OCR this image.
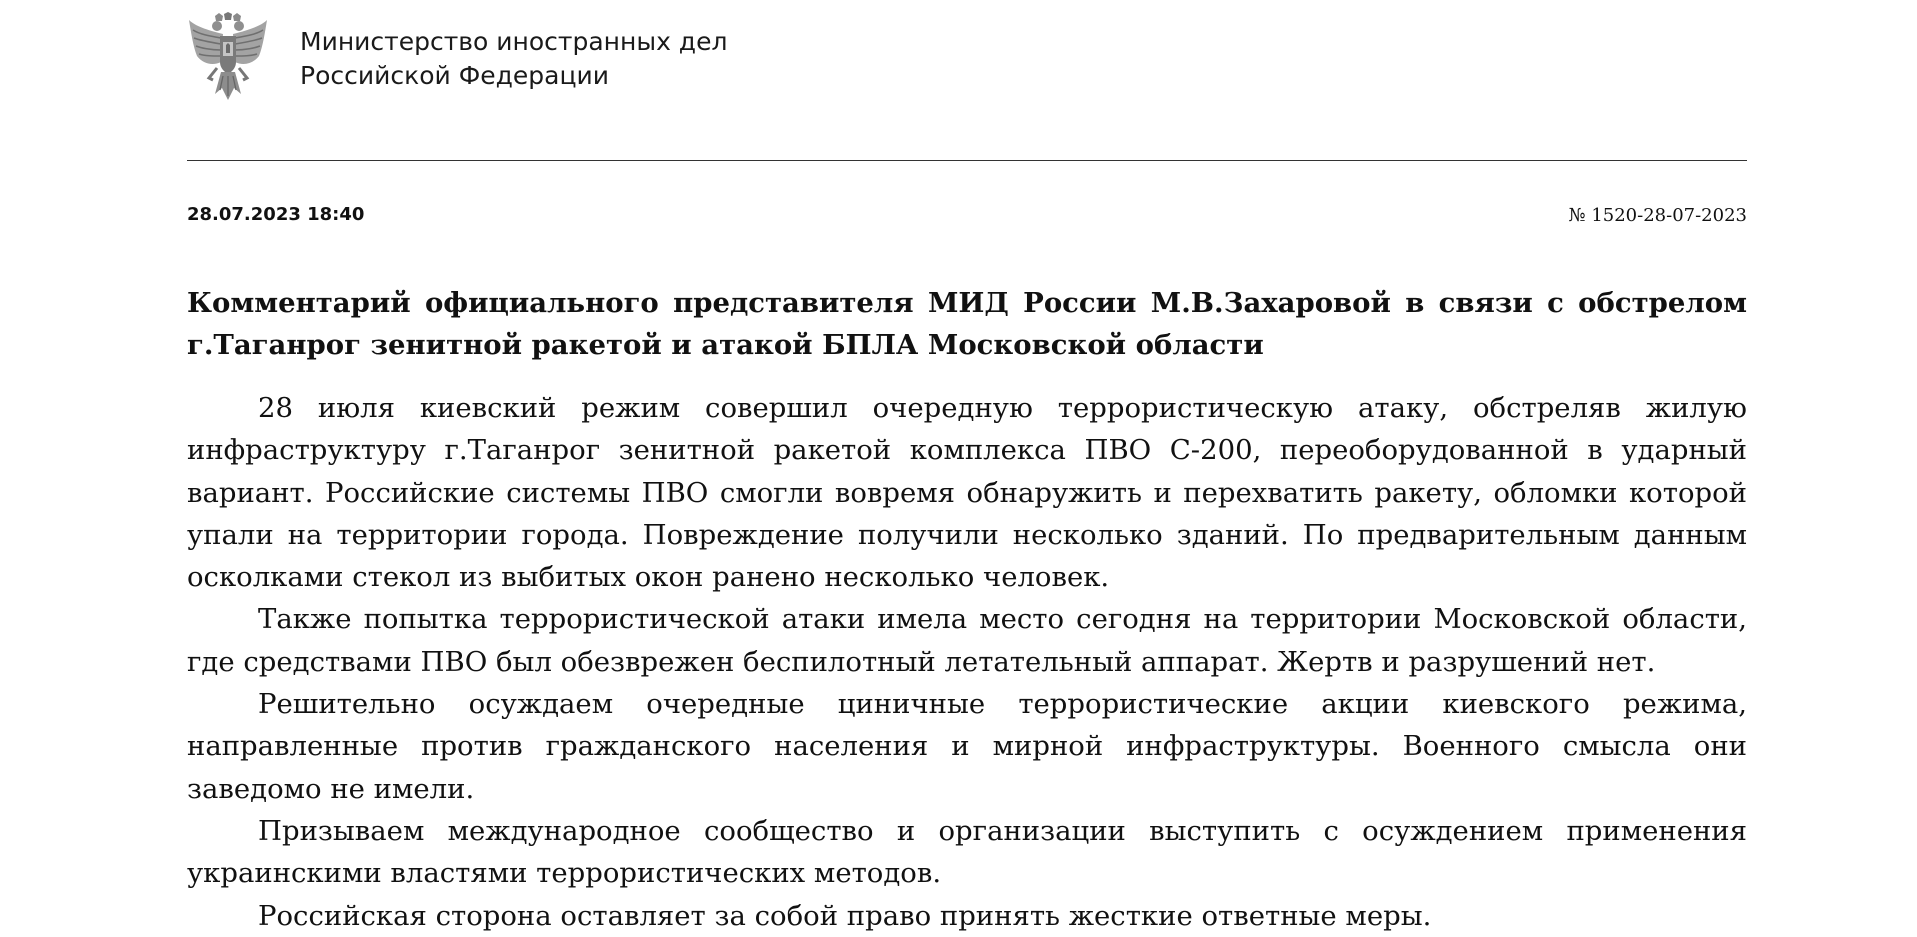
Министерство иностранных дел
Российской Федерации
28.07.2023 18:40	№ 1520-28-07-2023
Комментарий официального представителя МИД России М.В.Захаровой в связи с обстрелом г.Таганрог зенитной ракетой и атакой БПЛА Московской области

28 июля киевский режим совершил очередную террористическую атаку, обстреляв жилую инфраструктуру г.Таганрог зенитной ракетой комплекса ПВО С-200, переоборудованной в ударный вариант. Российские системы ПВО смогли вовремя обнаружить и перехватить ракету, обломки которой упали на территории города. Повреждение получили несколько зданий. По предварительным данным осколками стекол из выбитых окон ранено несколько человек.

Также попытка террористической атаки имела место сегодня на территории Московской области, где средствами ПВО был обезврежен беспилотный летательный аппарат. Жертв и разрушений нет.

Решительно осуждаем очередные циничные террористические акции киевского режима, направленные против гражданского населения и мирной инфраструктуры. Военного смысла они заведомо не имели.

Призываем международное сообщество и организации выступить с осуждением применения украинскими властями террористических методов.

Российская сторона оставляет за собой право принять жесткие ответные меры.
